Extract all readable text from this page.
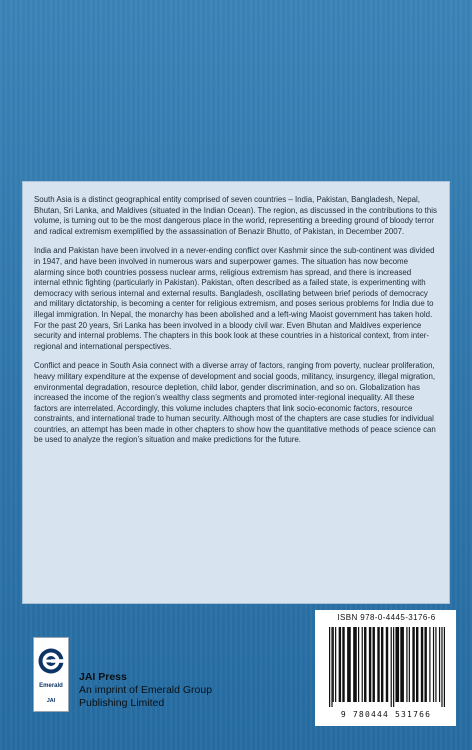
South Asia is a distinct geographical entity comprised of seven countries – India, Pakistan, Bangladesh, Nepal, Bhutan, Sri Lanka, and Maldives (situated in the Indian Ocean). The region, as discussed in the contributions to this volume, is turning out to be the most dangerous place in the world, representing a breeding ground of bloody terror and radical extremism exemplified by the assassination of Benazir Bhutto, of Pakistan, in December 2007.

India and Pakistan have been involved in a never-ending conflict over Kashmir since the sub-continent was divided in 1947, and have been involved in numerous wars and superpower games. The situation has now become alarming since both countries possess nuclear arms, religious extremism has spread, and there is increased internal ethnic fighting (particularly in Pakistan). Pakistan, often described as a failed state, is experimenting with democracy with serious internal and external results. Bangladesh, oscillating between brief periods of democracy and military dictatorship, is becoming a center for religious extremism, and poses serious problems for India due to illegal immigration. In Nepal, the monarchy has been abolished and a left-wing Maoist government has taken hold. For the past 20 years, Sri Lanka has been involved in a bloody civil war. Even Bhutan and Maldives experience security and internal problems. The chapters in this book look at these countries in a historical context, from inter-regional and international perspectives.

Conflict and peace in South Asia connect with a diverse array of factors, ranging from poverty, nuclear proliferation, heavy military expenditure at the expense of development and social goods, militancy, insurgency, illegal migration, environmental degradation, resource depletion, child labor, gender discrimination, and so on. Globalization has increased the income of the region’s wealthy class segments and promoted inter-regional inequality. All these factors are interrelated. Accordingly, this volume includes chapters that link socio-economic factors, resource constraints, and international trade to human security. Although most of the chapters are case studies for individual countries, an attempt has been made in other chapters to show how the quantitative methods of peace science can be used to analyze the region’s situation and make predictions for the future.

Emerald
JAI
JAI Press
An imprint of Emerald Group
Publishing Limited
ISBN 978-0-4445-3176-6
9 780444 531766
